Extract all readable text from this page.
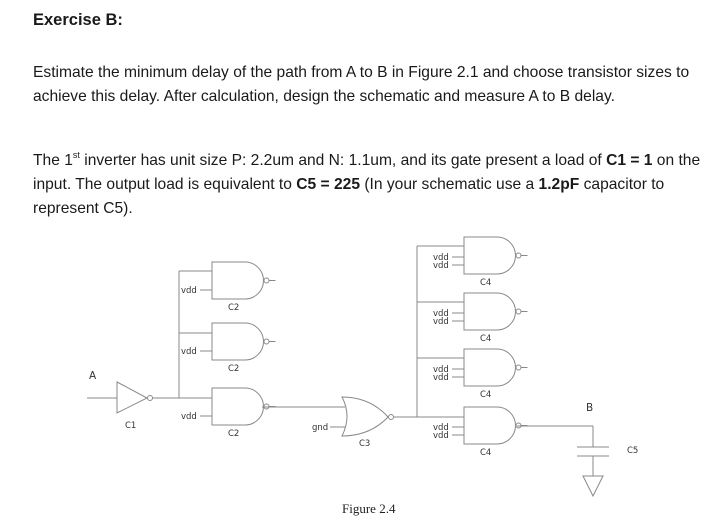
Exercise B:
Estimate the minimum delay of the path from A to B in Figure 2.1 and choose transistor sizes to achieve this delay. After calculation, design the schematic and measure A to B delay.
The 1st inverter has unit size P: 2.2um and N: 1.1um, and its gate present a load of C1 = 1 on the input. The output load is equivalent to C5 = 225 (In your schematic use a 1.2pF capacitor to represent C5).
A
C1
vdd
C2
vdd
C2
vdd
C2
vdd
vdd
C4
vdd
vdd
C4
vdd
vdd
C4
vdd
vdd
C4
gnd
C3
B
C5
Figure 2.4
